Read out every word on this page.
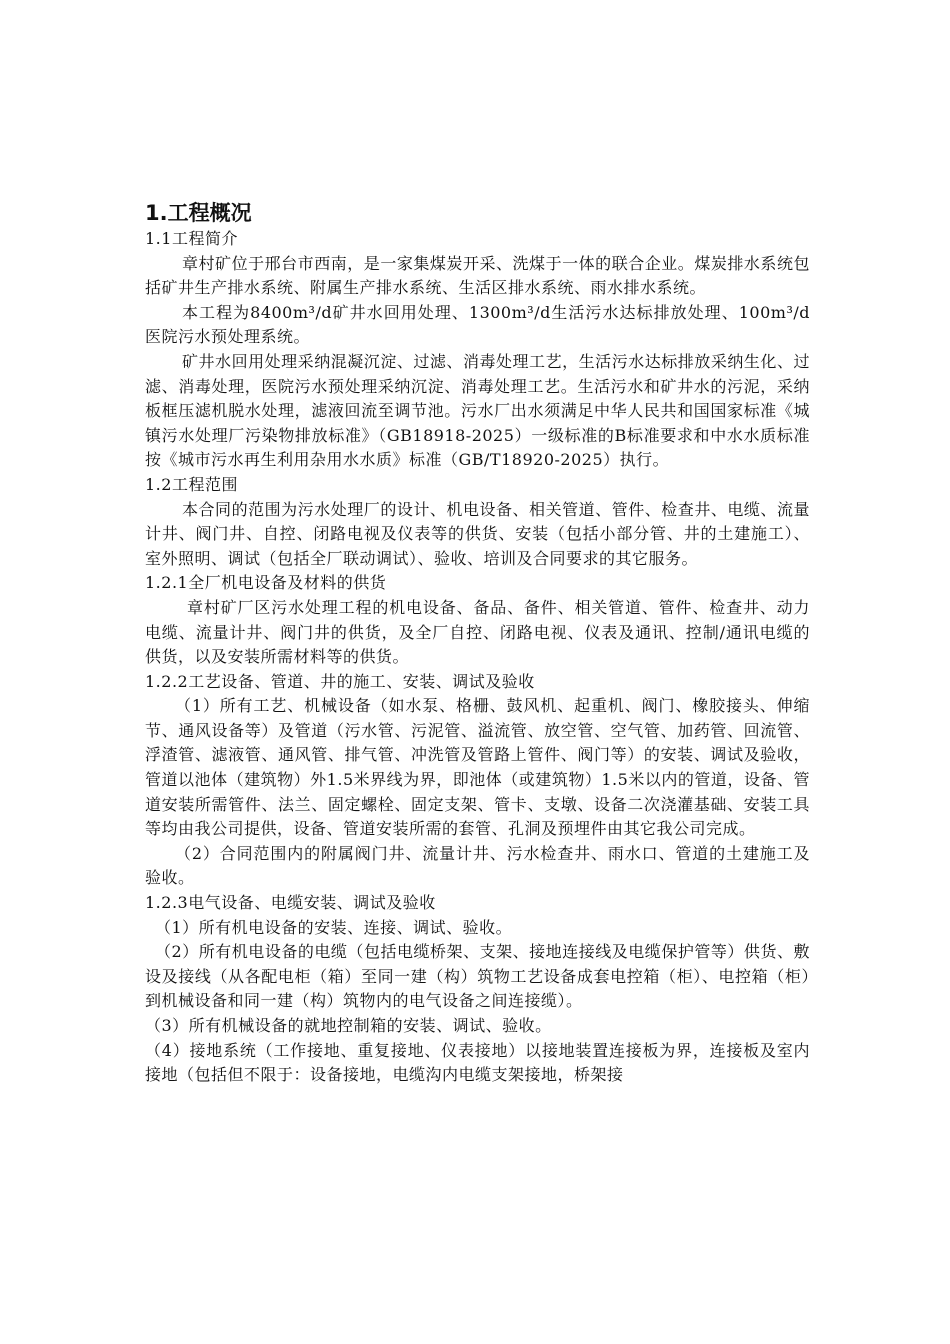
1.工程概况

1.1工程简介

章村矿位于邢台市西南，是一家集煤炭开采、洗煤于一体的联合企业。煤炭排水系统包括矿井生产排水系统、附属生产排水系统、生活区排水系统、雨水排水系统。

本工程为8400m³/d矿井水回用处理、1300m³/d生活污水达标排放处理、100m³/d医院污水预处理系统。

矿井水回用处理采纳混凝沉淀、过滤、消毒处理工艺，生活污水达标排放采纳生化、过滤、消毒处理，医院污水预处理采纳沉淀、消毒处理工艺。生活污水和矿井水的污泥，采纳板框压滤机脱水处理，滤液回流至调节池。污水厂出水须满足中华人民共和国国家标准《城镇污水处理厂污染物排放标准》（GB18918-2025）一级标准的B标准要求和中水水质标准按《城市污水再生利用杂用水水质》标准（GB/T18920-2025）执行。

1.2工程范围

本合同的范围为污水处理厂的设计、机电设备、相关管道、管件、检查井、电缆、流量计井、阀门井、自控、闭路电视及仪表等的供货、安装（包括小部分管、井的土建施工）、室外照明、调试（包括全厂联动调试）、验收、培训及合同要求的其它服务。

1.2.1全厂机电设备及材料的供货

章村矿厂区污水处理工程的机电设备、备品、备件、相关管道、管件、检查井、动力电缆、流量计井、阀门井的供货，及全厂自控、闭路电视、仪表及通讯、控制/通讯电缆的供货，以及安装所需材料等的供货。

1.2.2工艺设备、管道、井的施工、安装、调试及验收

（1）所有工艺、机械设备（如水泵、格栅、鼓风机、起重机、阀门、橡胶接头、伸缩节、通风设备等）及管道（污水管、污泥管、溢流管、放空管、空气管、加药管、回流管、浮渣管、滤液管、通风管、排气管、冲洗管及管路上管件、阀门等）的安装、调试及验收，管道以池体（建筑物）外1.5米界线为界，即池体（或建筑物）1.5米以内的管道，设备、管道安装所需管件、法兰、固定螺栓、固定支架、管卡、支墩、设备二次浇灌基础、安装工具等均由我公司提供，设备、管道安装所需的套管、孔洞及预埋件由其它我公司完成。

（2）合同范围内的附属阀门井、流量计井、污水检查井、雨水口、管道的土建施工及验收。

1.2.3电气设备、电缆安装、调试及验收

（1）所有机电设备的安装、连接、调试、验收。

（2）所有机电设备的电缆（包括电缆桥架、支架、接地连接线及电缆保护管等）供货、敷设及接线（从各配电柜（箱）至同一建（构）筑物工艺设备成套电控箱（柜）、电控箱（柜）到机械设备和同一建（构）筑物内的电气设备之间连接缆）。

（3）所有机械设备的就地控制箱的安装、调试、验收。

（4）接地系统（工作接地、重复接地、仪表接地）以接地装置连接板为界，连接板及室内接地（包括但不限于：设备接地，电缆沟内电缆支架接地，桥架接
